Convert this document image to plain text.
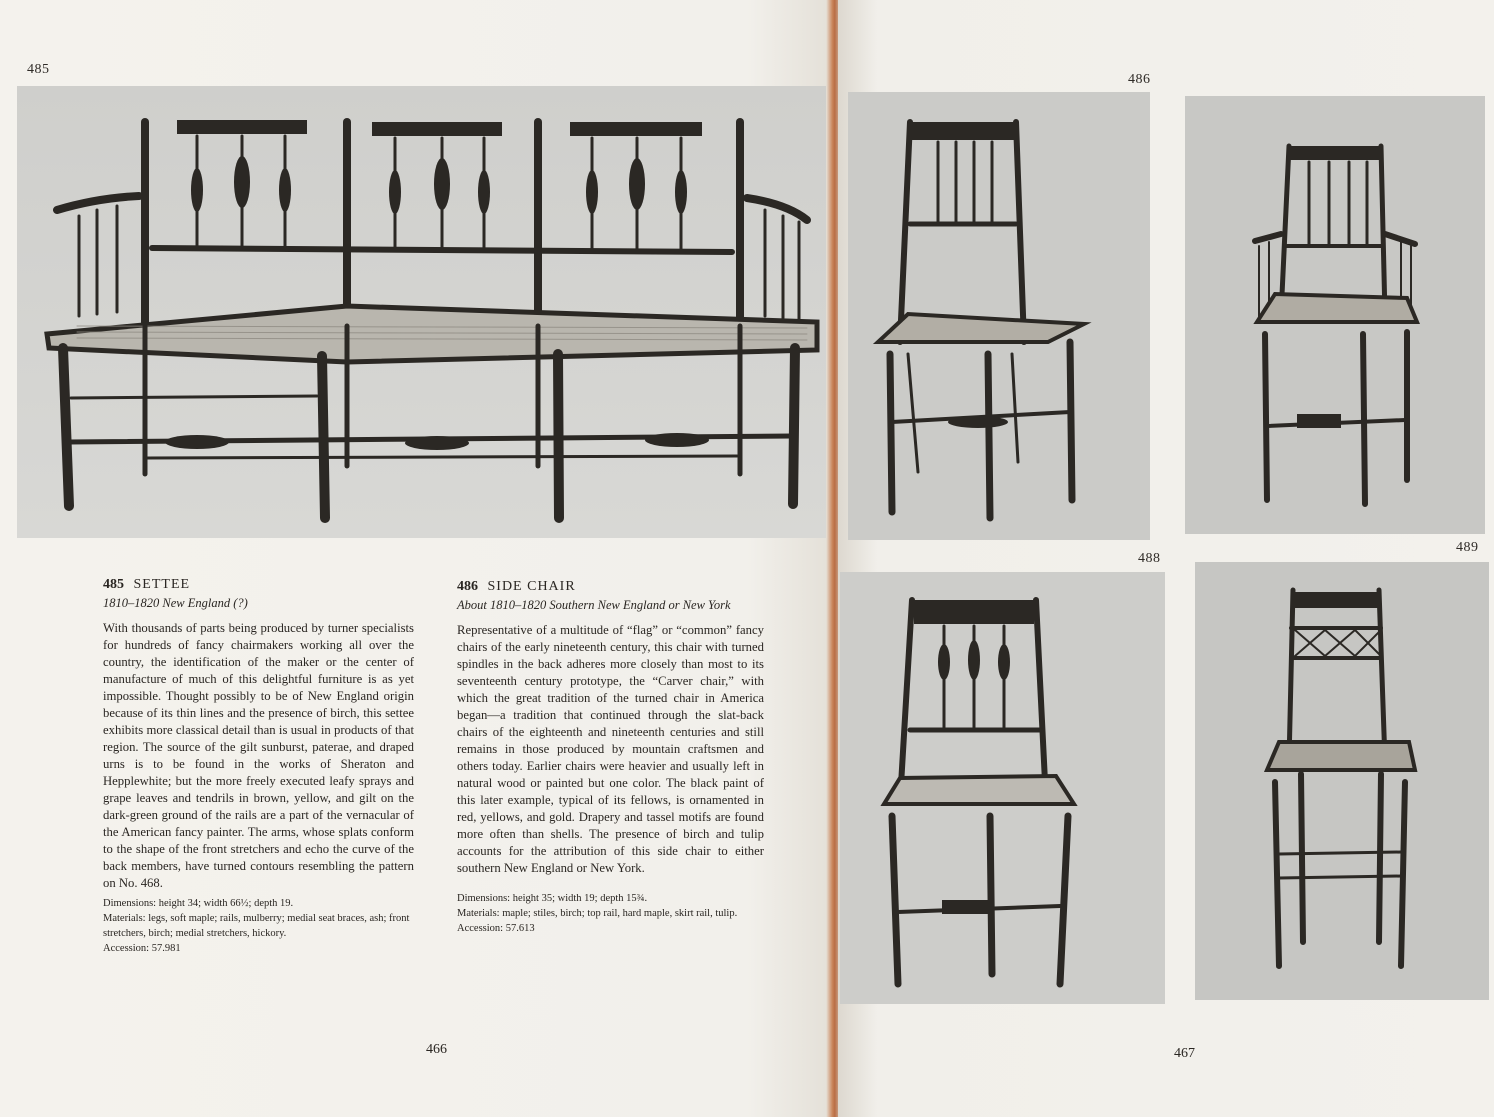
485

485 SETTEE

1810–1820 New England (?)

With thousands of parts being produced by turner specialists for hundreds of fancy chairmakers working all over the country, the identification of the maker or the center of manufacture of much of this delightful furniture is as yet impossible. Thought possibly to be of New England origin because of its thin lines and the presence of birch, this settee exhibits more classical detail than is usual in products of that region. The source of the gilt sunburst, paterae, and draped urns is to be found in the works of Sheraton and Hepplewhite; but the more freely executed leafy sprays and grape leaves and tendrils in brown, yellow, and gilt on the dark-green ground of the rails are a part of the vernacular of the American fancy painter. The arms, whose splats conform to the shape of the front stretchers and echo the curve of the back members, have turned contours resembling the pattern on No. 468.

Dimensions: height 34; width 66½; depth 19.

Materials: legs, soft maple; rails, mulberry; medial seat braces, ash; front stretchers, birch; medial stretchers, hickory.

Accession: 57.981

486 SIDE CHAIR

About 1810–1820 Southern New England or New York

Representative of a multitude of “flag” or “common” fancy chairs of the early nineteenth century, this chair with turned spindles in the back adheres more closely than most to its seventeenth century prototype, the “Carver chair,” with which the great tradition of the turned chair in America began—a tradition that continued through the slat-back chairs of the eighteenth and nineteenth centuries and still remains in those produced by mountain craftsmen and others today. Earlier chairs were heavier and usually left in natural wood or painted but one color. The black paint of this later example, typical of its fellows, is ornamented in red, yellows, and gold. Drapery and tassel motifs are found more often than shells. The presence of birch and tulip accounts for the attribution of this side chair to either southern New England or New York.

Dimensions: height 35; width 19; depth 15¾.

Materials: maple; stiles, birch; top rail, hard maple, skirt rail, tulip.

Accession: 57.613

466
486
488
489
467
